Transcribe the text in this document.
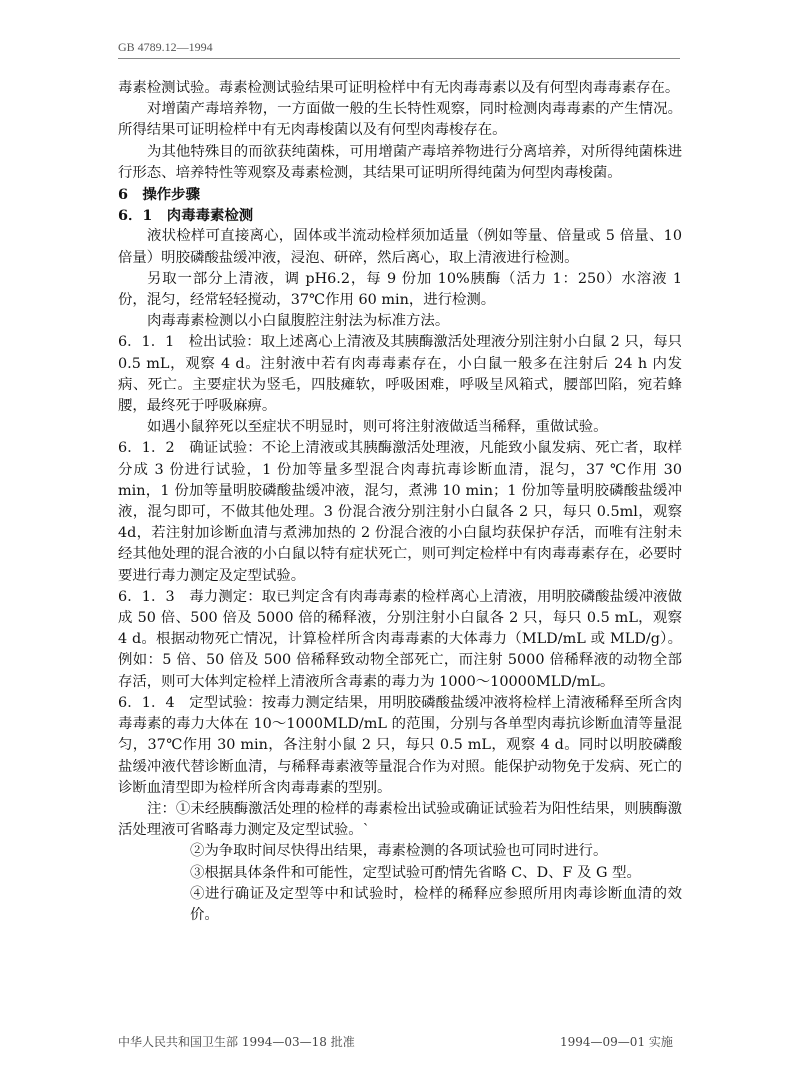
GB 4789.12—1994

毒素检测试验。毒素检测试验结果可证明检样中有无肉毒毒素以及有何型肉毒毒素存在。

对增菌产毒培养物，一方面做一般的生长特性观察，同时检测肉毒毒素的产生情况。所得结果可证明检样中有无肉毒梭菌以及有何型肉毒梭存在。

为其他特殊目的而欲获纯菌株，可用增菌产毒培养物进行分离培养，对所得纯菌株进行形态、培养特性等观察及毒素检测，其结果可证明所得纯菌为何型肉毒梭菌。

6　操作步骤

6．1　肉毒毒素检测

液状检样可直接离心，固体或半流动检样须加适量（例如等量、倍量或 5 倍量、10 倍量）明胶磷酸盐缓冲液，浸泡、研碎，然后离心，取上清液进行检测。

另取一部分上清液，调 pH6.2，每 9 份加 10%胰酶（活力 1：250）水溶液 1 份，混匀，经常轻轻搅动，37℃作用 60 min，进行检测。

肉毒毒素检测以小白鼠腹腔注射法为标准方法。

6．1．1　检出试验：取上述离心上清液及其胰酶激活处理液分别注射小白鼠 2 只，每只 0.5 mL，观察 4 d。注射液中若有肉毒毒素存在，小白鼠一般多在注射后 24 h 内发病、死亡。主要症状为竖毛，四肢瘫软，呼吸困难，呼吸呈风箱式，腰部凹陷，宛若蜂腰，最终死于呼吸麻痹。

如遇小鼠猝死以至症状不明显时，则可将注射液做适当稀释，重做试验。

6．1．2　确证试验：不论上清液或其胰酶激活处理液，凡能致小鼠发病、死亡者，取样分成 3 份进行试验，1 份加等量多型混合肉毒抗毒诊断血清，混匀，37 ℃作用 30 min，1 份加等量明胶磷酸盐缓冲液，混匀，煮沸 10 min；1 份加等量明胶磷酸盐缓冲液，混匀即可，不做其他处理。3 份混合液分别注射小白鼠各 2 只，每只 0.5ml，观察 4d，若注射加诊断血清与煮沸加热的 2 份混合液的小白鼠均获保护存活，而唯有注射未经其他处理的混合液的小白鼠以特有症状死亡，则可判定检样中有肉毒毒素存在，必要时要进行毒力测定及定型试验。

6．1．3　毒力测定：取已判定含有肉毒毒素的检样离心上清液，用明胶磷酸盐缓冲液做成 50 倍、500 倍及 5000 倍的稀释液，分别注射小白鼠各 2 只，每只 0.5 mL，观察 4 d。根据动物死亡情况，计算检样所含肉毒毒素的大体毒力（MLD/mL 或 MLD/g）。例如：5 倍、50 倍及 500 倍稀释致动物全部死亡，而注射 5000 倍稀释液的动物全部存活，则可大体判定检样上清液所含毒素的毒力为 1000～10000MLD/mL。

6．1．4　定型试验：按毒力测定结果，用明胶磷酸盐缓冲液将检样上清液稀释至所含肉毒毒素的毒力大体在 10～1000MLD/mL 的范围，分别与各单型肉毒抗诊断血清等量混匀，37℃作用 30 min，各注射小鼠 2 只，每只 0.5 mL，观察 4 d。同时以明胶磷酸盐缓冲液代替诊断血清，与稀释毒素液等量混合作为对照。能保护动物免于发病、死亡的诊断血清型即为检样所含肉毒毒素的型别。

注：①未经胰酶激活处理的检样的毒素检出试验或确证试验若为阳性结果，则胰酶激活处理液可省略毒力测定及定型试验。`

②为争取时间尽快得出结果，毒素检测的各项试验也可同时进行。

③根据具体条件和可能性，定型试验可酌情先省略 C、D、F 及 G 型。

④进行确证及定型等中和试验时，检样的稀释应参照所用肉毒诊断血清的效价。

中华人民共和国卫生部 1994—03—18 批准	1994—09—01 实施
